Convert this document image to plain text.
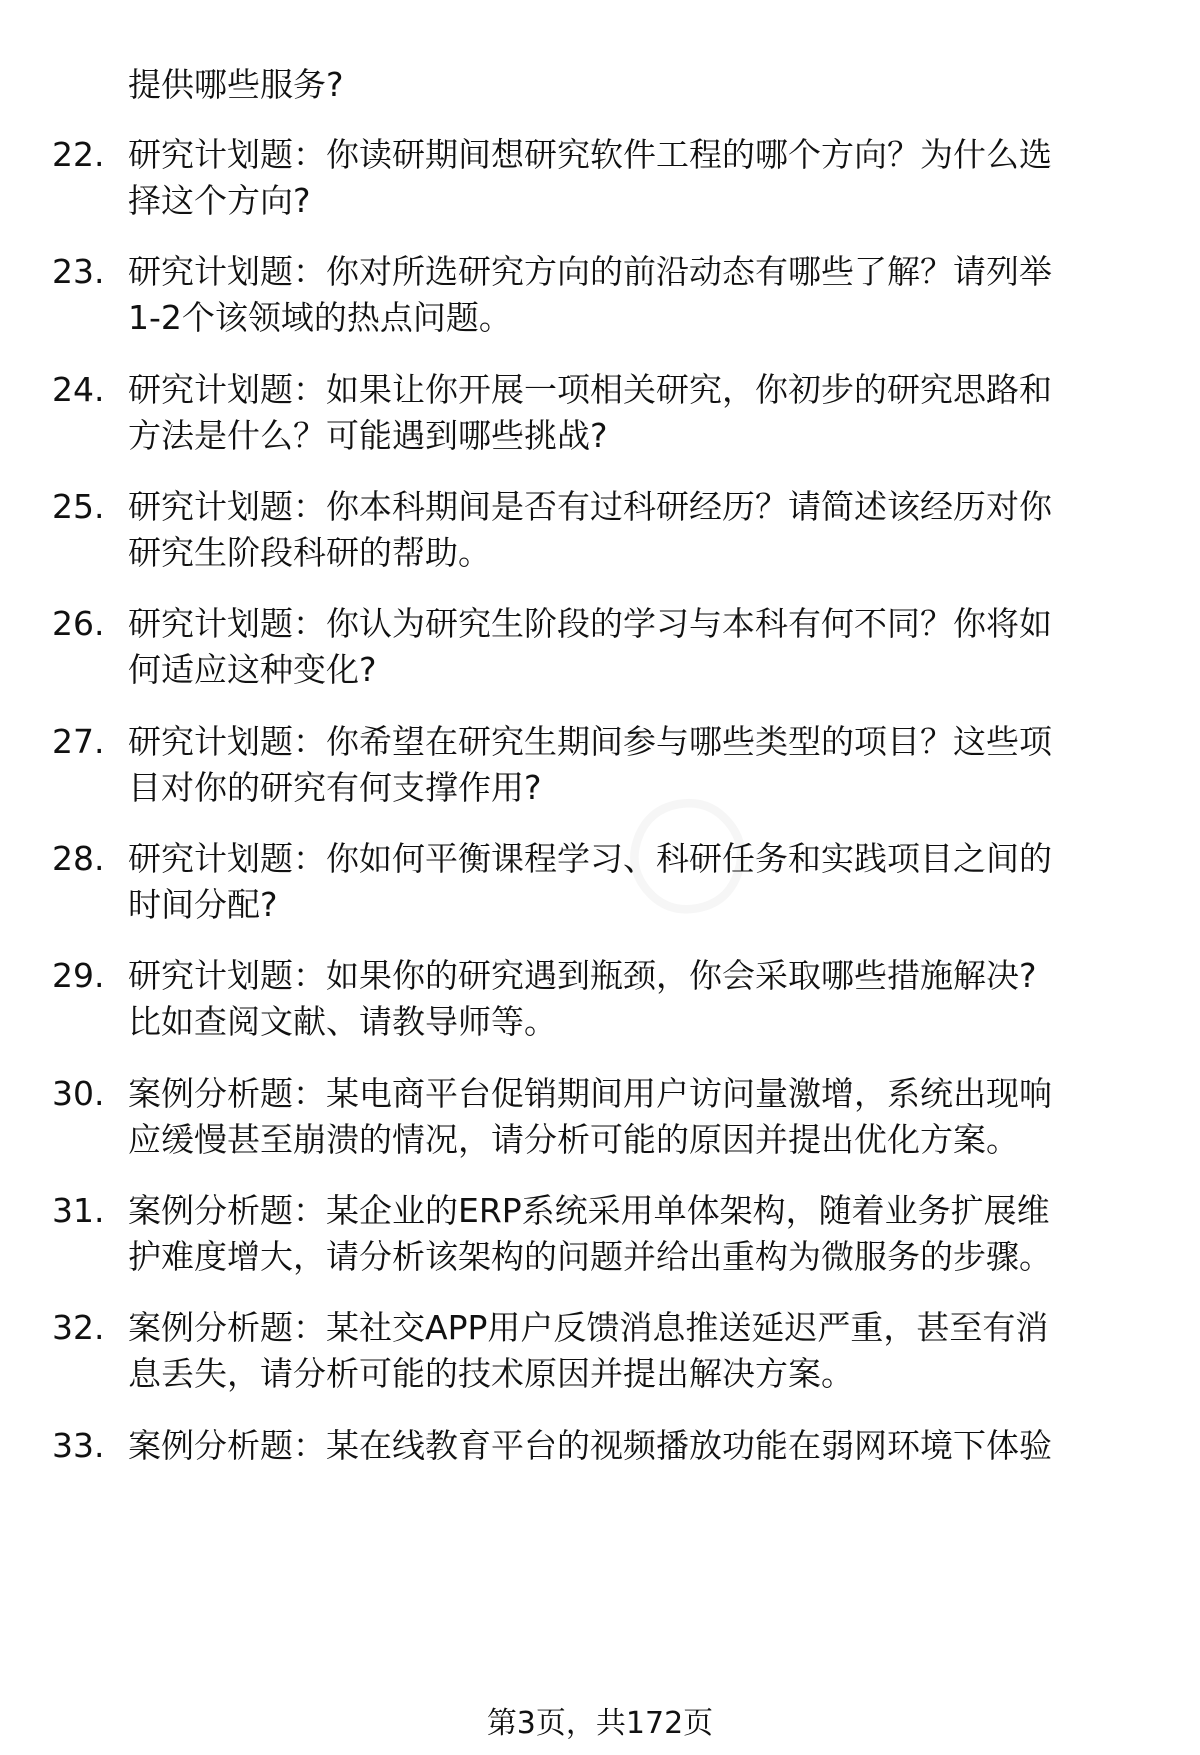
提供哪些服务?
22. 研究计划题：你读研期间想研究软件工程的哪个方向？为什么选
择这个方向?
23. 研究计划题：你对所选研究方向的前沿动态有哪些了解？请列举
1-2个该领域的热点问题。
24. 研究计划题：如果让你开展一项相关研究，你初步的研究思路和
方法是什么？可能遇到哪些挑战?
25. 研究计划题：你本科期间是否有过科研经历？请简述该经历对你
研究生阶段科研的帮助。
26. 研究计划题：你认为研究生阶段的学习与本科有何不同？你将如
何适应这种变化?
27. 研究计划题：你希望在研究生期间参与哪些类型的项目？这些项
目对你的研究有何支撑作用?
28. 研究计划题：你如何平衡课程学习、科研任务和实践项目之间的
时间分配?
29. 研究计划题：如果你的研究遇到瓶颈，你会采取哪些措施解决?
比如查阅文献、请教导师等。
30. 案例分析题：某电商平台促销期间用户访问量激增，系统出现响
应缓慢甚至崩溃的情况，请分析可能的原因并提出优化方案。
31. 案例分析题：某企业的ERP系统采用单体架构，随着业务扩展维
护难度增大，请分析该架构的问题并给出重构为微服务的步骤。
32. 案例分析题：某社交APP用户反馈消息推送延迟严重，甚至有消
息丢失，请分析可能的技术原因并提出解决方案。
33. 案例分析题：某在线教育平台的视频播放功能在弱网环境下体验
第3页，共172页
